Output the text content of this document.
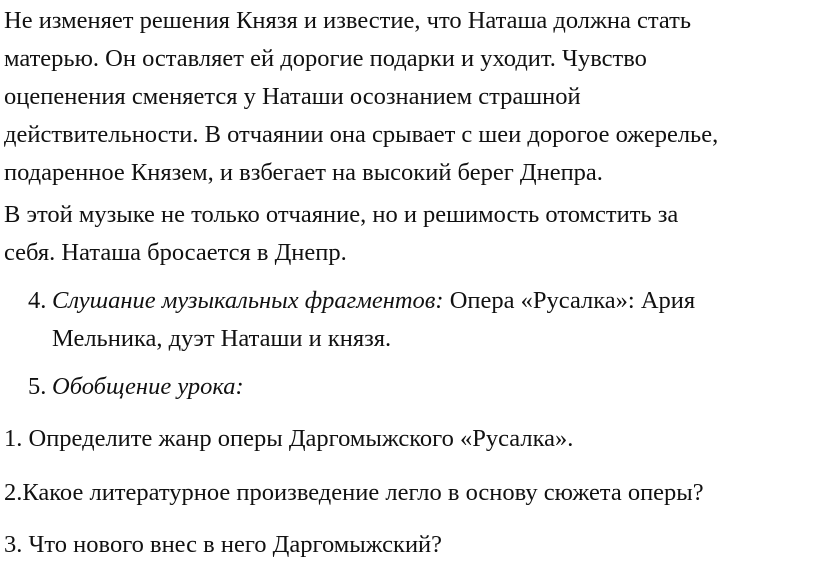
Не изменяет решения Князя и известие, что Наташа должна стать
матерью. Он оставляет ей дорогие подарки и уходит. Чувство
оцепенения сменяется у Наташи осознанием страшной
действительности. В отчаянии она срывает с шеи дорогое ожерелье,
подаренное Князем, и взбегает на высокий берег Днепра.

В этой музыке не только отчаяние, но и решимость отомстить за
себя. Наташа бросается в Днепр.

4. Слушание музыкальных фрагментов: Опера «Русалка»: Ария
Мельника, дуэт Наташи и князя.
5. Обобщение урока:

1. Определите жанр оперы Даргомыжского «Русалка».

2.Какое литературное произведение легло в основу сюжета оперы?

3. Что нового внес в него Даргомыжский?
